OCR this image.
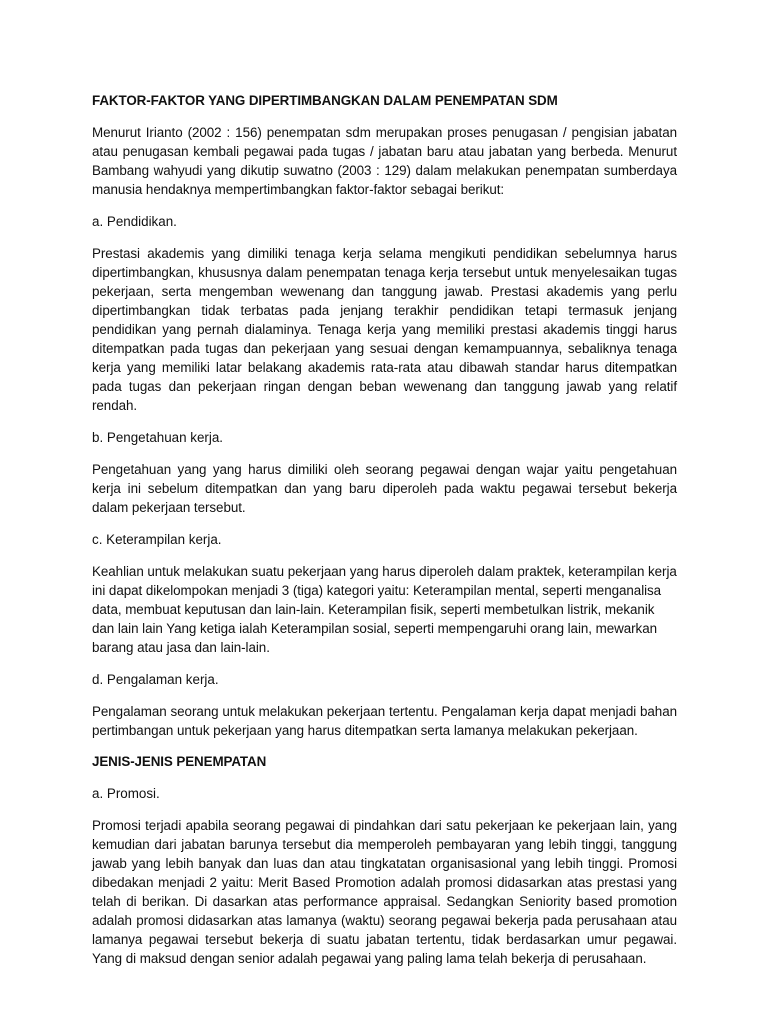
FAKTOR-FAKTOR YANG DIPERTIMBANGKAN DALAM PENEMPATAN SDM

Menurut Irianto (2002 : 156) penempatan sdm merupakan proses penugasan / pengisian jabatan atau penugasan kembali pegawai pada tugas / jabatan baru atau jabatan yang berbeda. Menurut Bambang wahyudi yang dikutip suwatno (2003 : 129) dalam melakukan penempatan sumberdaya manusia hendaknya mempertimbangkan faktor-faktor sebagai berikut:

a. Pendidikan.

Prestasi akademis yang dimiliki tenaga kerja selama mengikuti pendidikan sebelumnya harus dipertimbangkan, khususnya dalam penempatan tenaga kerja tersebut untuk menyelesaikan tugas pekerjaan, serta mengemban wewenang dan tanggung jawab. Prestasi akademis yang perlu dipertimbangkan tidak terbatas pada jenjang terakhir pendidikan tetapi termasuk jenjang pendidikan yang pernah dialaminya. Tenaga kerja yang memiliki prestasi akademis tinggi harus ditempatkan pada tugas dan pekerjaan yang sesuai dengan kemampuannya, sebaliknya tenaga kerja yang memiliki latar belakang akademis rata-rata atau dibawah standar harus ditempatkan pada tugas dan pekerjaan ringan dengan beban wewenang dan tanggung jawab yang relatif rendah.

b. Pengetahuan kerja.

Pengetahuan yang yang harus dimiliki oleh seorang pegawai dengan wajar yaitu pengetahuan kerja ini sebelum ditempatkan dan yang baru diperoleh pada waktu pegawai tersebut bekerja dalam pekerjaan tersebut.

c. Keterampilan kerja.

Keahlian untuk melakukan suatu pekerjaan yang harus diperoleh dalam praktek, keterampilan kerja ini dapat dikelompokan menjadi 3 (tiga) kategori yaitu: Keterampilan mental, seperti menganalisa data, membuat keputusan dan lain-lain. Keterampilan fisik, seperti membetulkan listrik, mekanik dan lain lain Yang ketiga ialah Keterampilan sosial, seperti mempengaruhi orang lain, mewarkan barang atau jasa dan lain-lain.

d. Pengalaman kerja.

Pengalaman seorang untuk melakukan pekerjaan tertentu. Pengalaman kerja dapat menjadi bahan pertimbangan untuk pekerjaan yang harus ditempatkan serta lamanya melakukan pekerjaan.

JENIS-JENIS PENEMPATAN
a. Promosi.

Promosi terjadi apabila seorang pegawai di pindahkan dari satu pekerjaan ke pekerjaan lain, yang kemudian dari jabatan barunya tersebut dia memperoleh pembayaran yang lebih tinggi, tanggung jawab yang lebih banyak dan luas dan atau tingkatatan organisasional yang lebih tinggi. Promosi dibedakan menjadi 2 yaitu: Merit Based Promotion adalah promosi didasarkan atas prestasi yang telah di berikan. Di dasarkan atas performance appraisal. Sedangkan Seniority based promotion adalah promosi didasarkan atas lamanya (waktu) seorang pegawai bekerja pada perusahaan atau lamanya pegawai tersebut bekerja di suatu jabatan tertentu, tidak berdasarkan umur pegawai. Yang di maksud dengan senior adalah pegawai yang paling lama telah bekerja di perusahaan.
